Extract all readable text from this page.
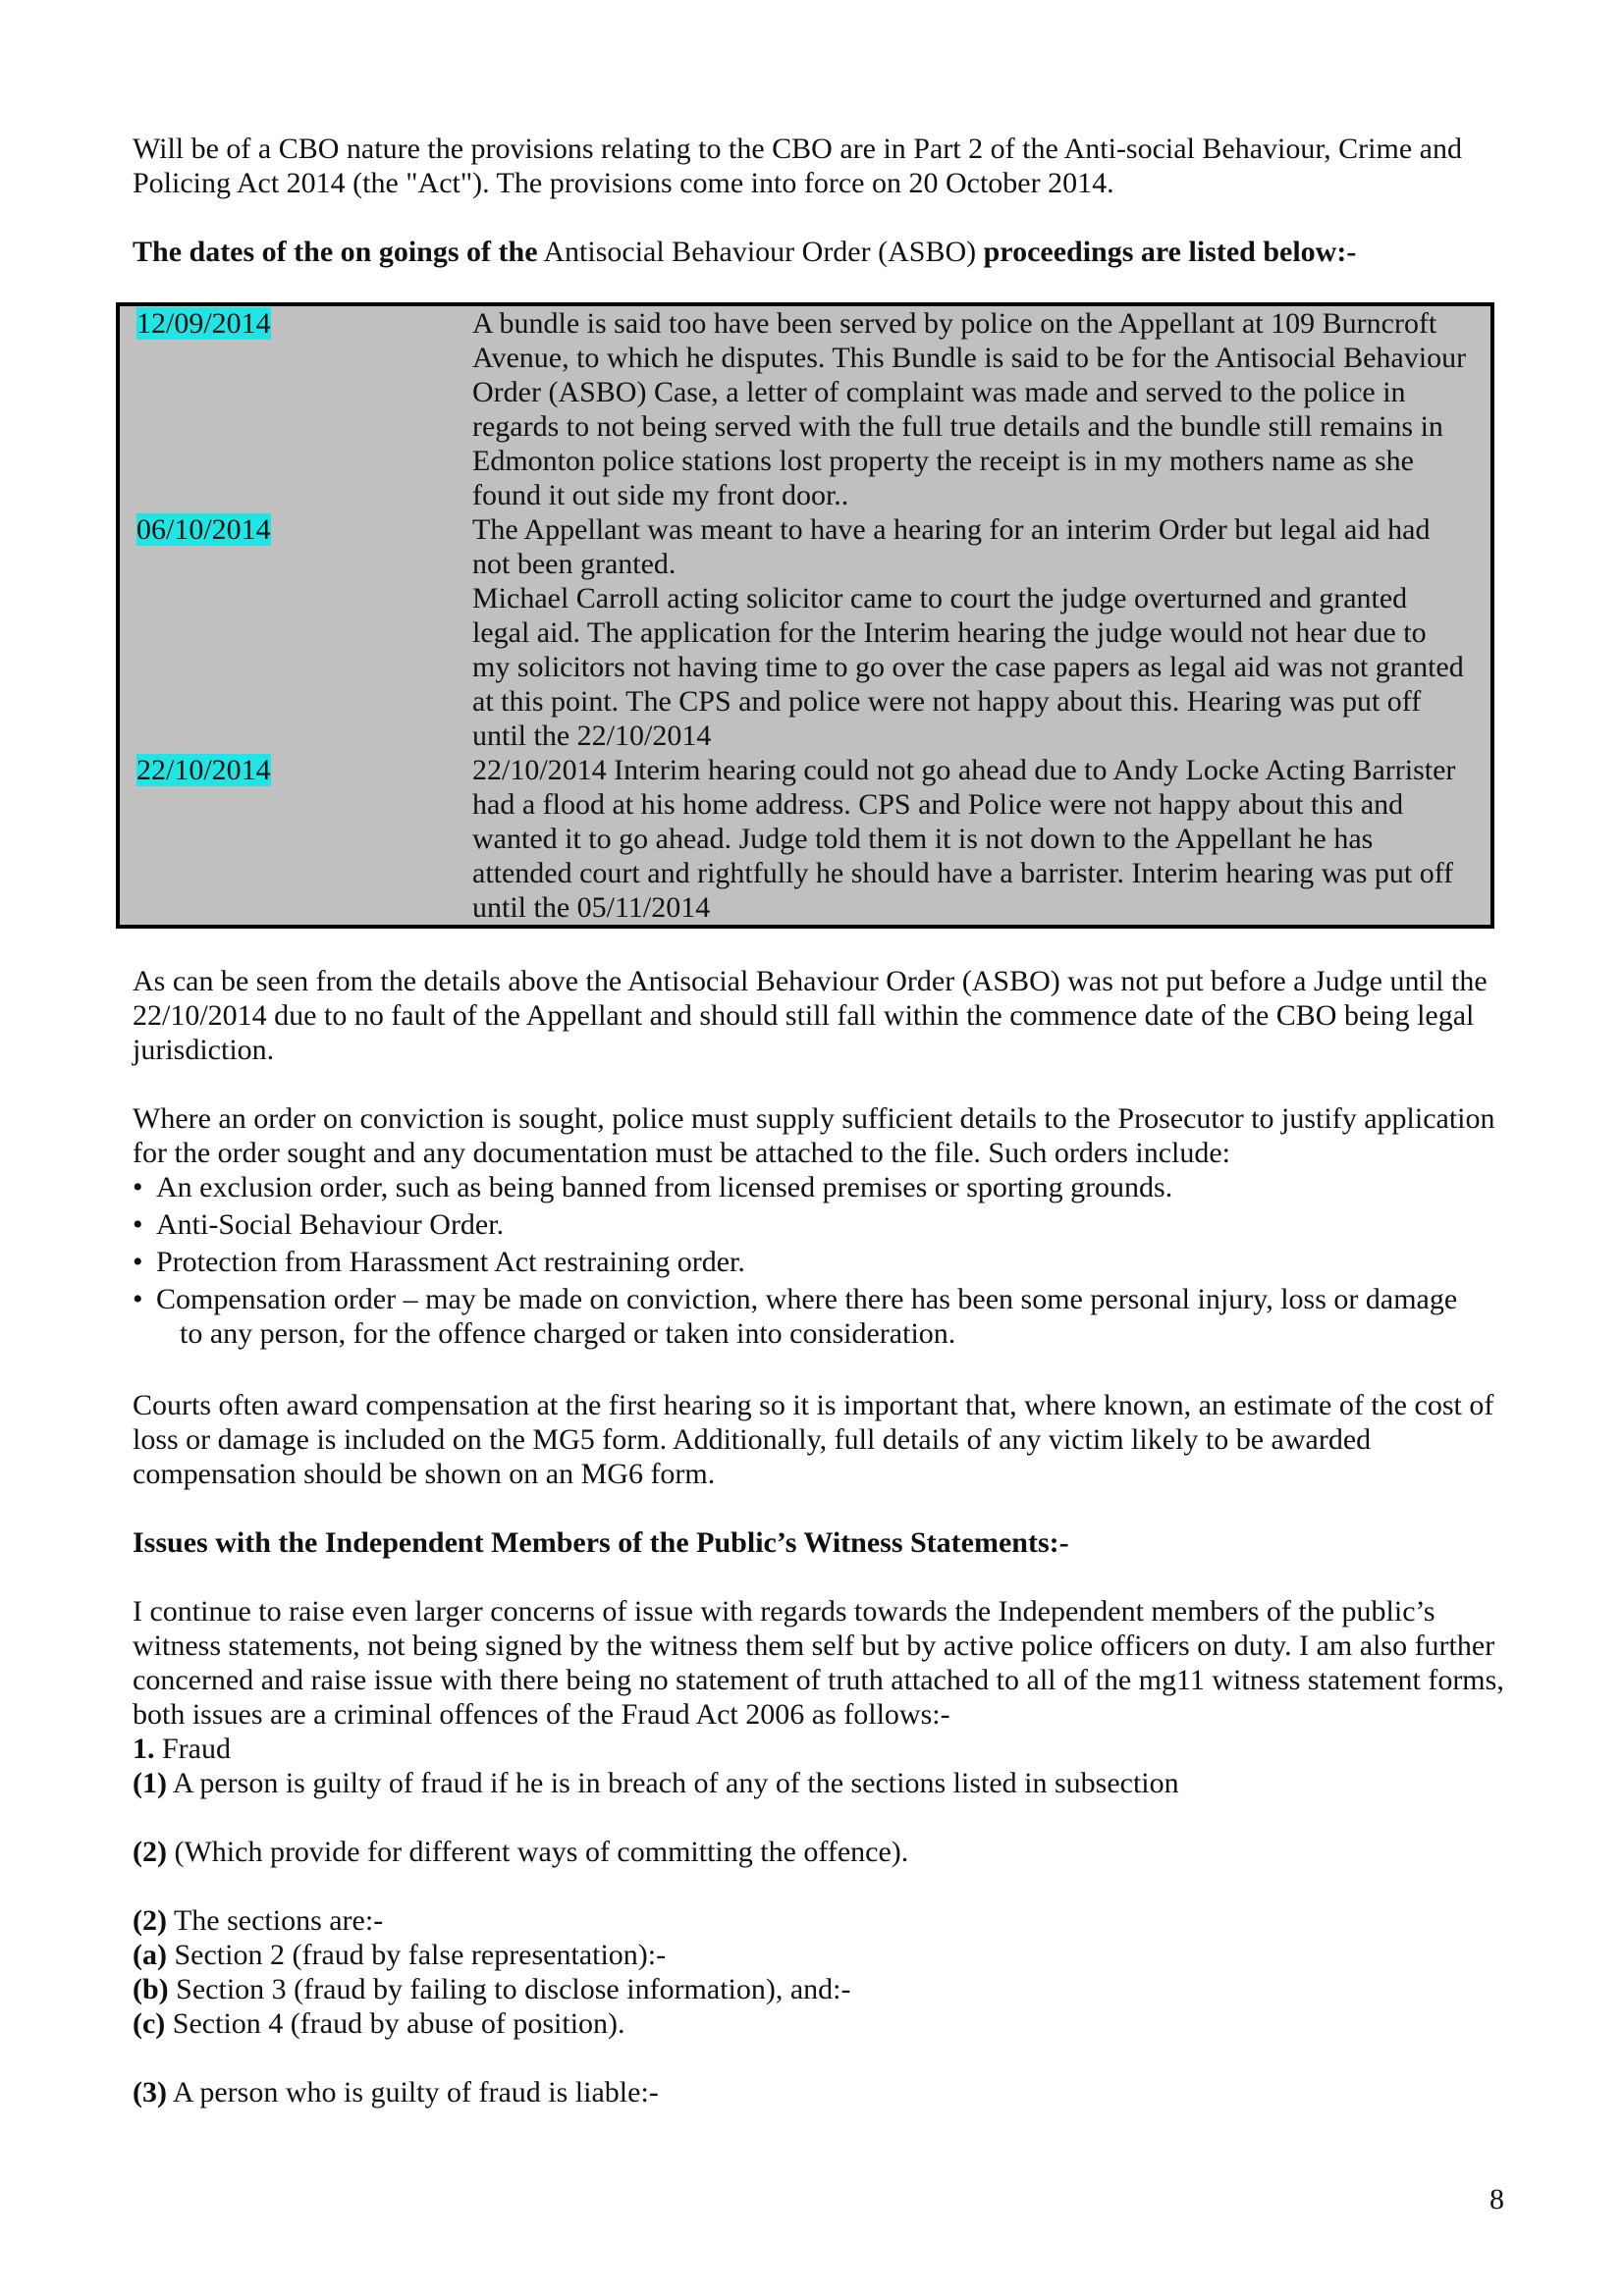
Will be of a CBO nature the provisions relating to the CBO are in Part 2 of the Anti-social Behaviour, Crime and Policing Act 2014 (the "Act"). The provisions come into force on 20 October 2014.

The dates of the on goings of the Antisocial Behaviour Order (ASBO) proceedings are listed below:-

12/09/2014	A bundle is said too have been served by police on the Appellant at 109 Burncroft Avenue, to which he disputes. This Bundle is said to be for the Antisocial Behaviour Order (ASBO) Case, a letter of complaint was made and served to the police in regards to not being served with the full true details and the bundle still remains in Edmonton police stations lost property the receipt is in my mothers name as she found it out side my front door..
06/10/2014	The Appellant was meant to have a hearing for an interim Order but legal aid had not been granted.
Michael Carroll acting solicitor came to court the judge overturned and granted legal aid. The application for the Interim hearing the judge would not hear due to my solicitors not having time to go over the case papers as legal aid was not granted at this point. The CPS and police were not happy about this. Hearing was put off until the 22/10/2014

22/10/2014	22/10/2014 Interim hearing could not go ahead due to Andy Locke Acting Barrister had a flood at his home address. CPS and Police were not happy about this and wanted it to go ahead. Judge told them it is not down to the Appellant he has attended court and rightfully he should have a barrister. Interim hearing was put off until the 05/11/2014

As can be seen from the details above the Antisocial Behaviour Order (ASBO) was not put before a Judge until the 22/10/2014 due to no fault of the Appellant and should still fall within the commence date of the CBO being legal jurisdiction.

Where an order on conviction is sought, police must supply sufficient details to the Prosecutor to justify application for the order sought and any documentation must be attached to the file. Such orders include:

• An exclusion order, such as being banned from licensed premises or sporting grounds.
• Anti-Social Behaviour Order.
• Protection from Harassment Act restraining order.
• Compensation order – may be made on conviction, where there has been some personal injury, loss or damage
to any person, for the offence charged or taken into consideration.

Courts often award compensation at the first hearing so it is important that, where known, an estimate of the cost of loss or damage is included on the MG5 form. Additionally, full details of any victim likely to be awarded compensation should be shown on an MG6 form.

Issues with the Independent Members of the Public’s Witness Statements:-

I continue to raise even larger concerns of issue with regards towards the Independent members of the public’s witness statements, not being signed by the witness them self but by active police officers on duty. I am also further concerned and raise issue with there being no statement of truth attached to all of the mg11 witness statement forms, both issues are a criminal offences of the Fraud Act 2006 as follows:-

1. Fraud

(1) A person is guilty of fraud if he is in breach of any of the sections listed in subsection

(2) (Which provide for different ways of committing the offence).

(2) The sections are:-

(a) Section 2 (fraud by false representation):-

(b) Section 3 (fraud by failing to disclose information), and:-

(c) Section 4 (fraud by abuse of position).

(3) A person who is guilty of fraud is liable:-

8
